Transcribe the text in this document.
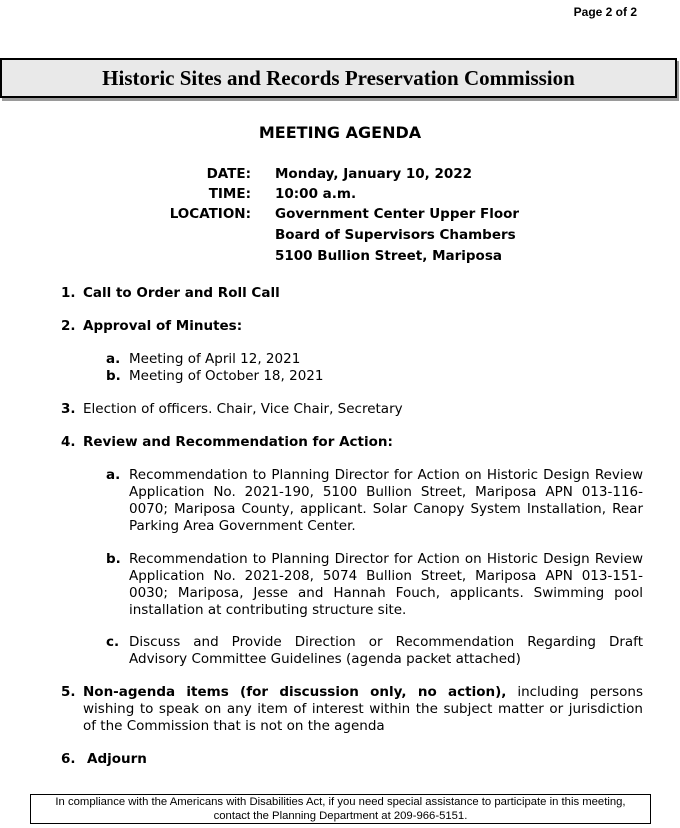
Page 2 of 2
Historic Sites and Records Preservation Commission
MEETING AGENDA
DATE: Monday, January 10, 2022
TIME: 10:00 a.m.
LOCATION: Government Center Upper Floor
Board of Supervisors Chambers
5100 Bullion Street, Mariposa
1. Call to Order and Roll Call
2. Approval of Minutes:
a. Meeting of April 12, 2021
b. Meeting of October 18, 2021
3. Election of officers. Chair, Vice Chair, Secretary
4. Review and Recommendation for Action:
a. Recommendation to Planning Director for Action on Historic Design Review Application No. 2021-190, 5100 Bullion Street, Mariposa APN 013-116-0070; Mariposa County, applicant. Solar Canopy System Installation, Rear Parking Area Government Center.
b. Recommendation to Planning Director for Action on Historic Design Review Application No. 2021-208, 5074 Bullion Street, Mariposa APN 013-151-0030; Mariposa, Jesse and Hannah Fouch, applicants. Swimming pool installation at contributing structure site.
c. Discuss and Provide Direction or Recommendation Regarding Draft Advisory Committee Guidelines (agenda packet attached)
5. Non-agenda items (for discussion only, no action), including persons wishing to speak on any item of interest within the subject matter or jurisdiction of the Commission that is not on the agenda
6. Adjourn
In compliance with the Americans with Disabilities Act, if you need special assistance to participate in this meeting,
contact the Planning Department at 209-966-5151.
